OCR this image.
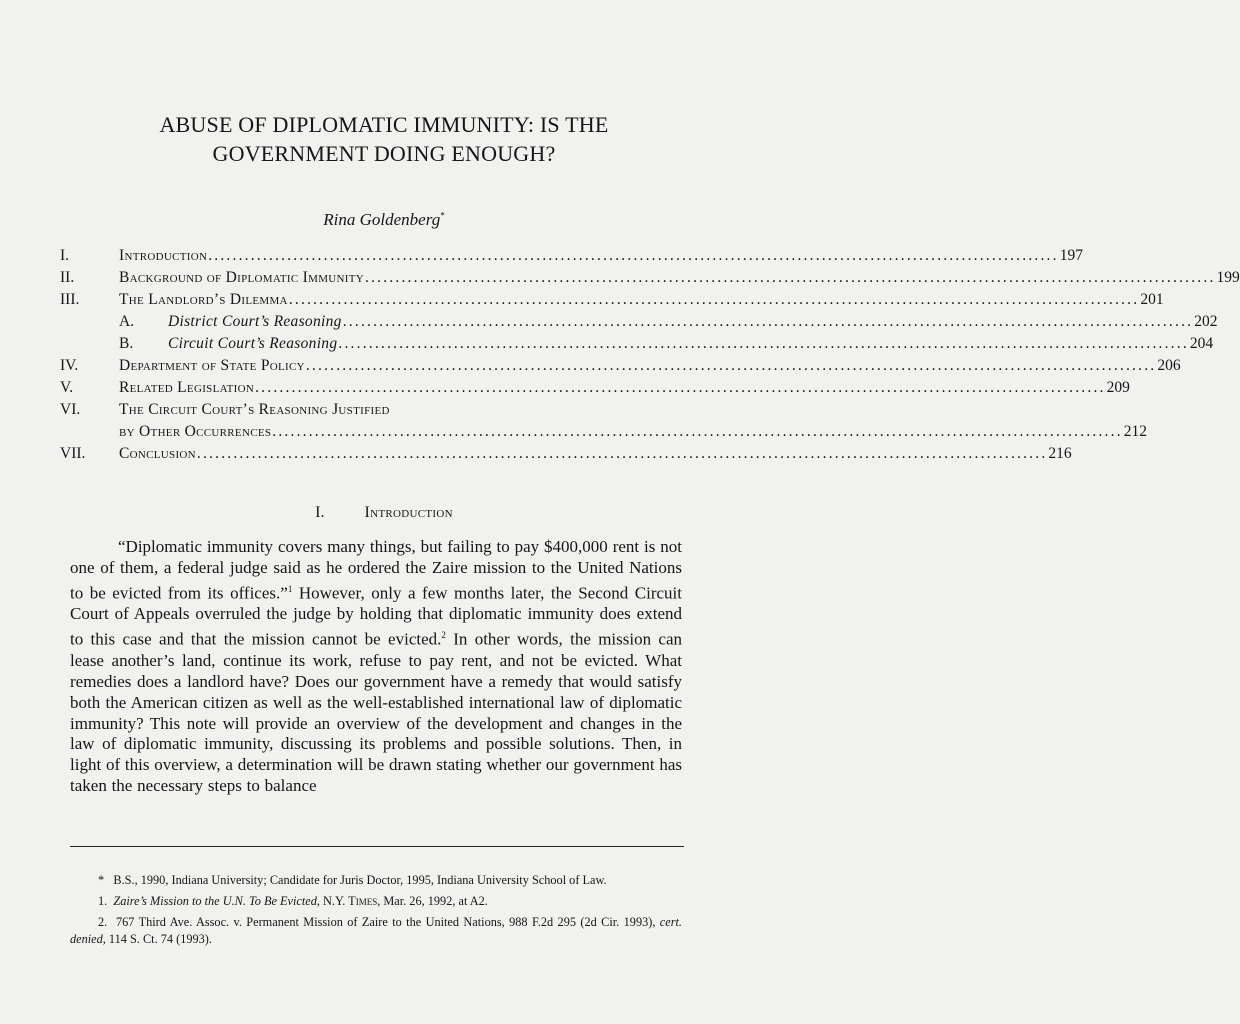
ABUSE OF DIPLOMATIC IMMUNITY: IS THE
GOVERNMENT DOING ENOUGH?
Rina Goldenberg*
I.	Introduction ............................................................................................................................................ 197
II.	Background of Diplomatic Immunity ............................................................................................................................................ 199
III.	The Landlord’s Dilemma ............................................................................................................................................ 201
A. District Court’s Reasoning ............................................................................................................................................ 202
B. Circuit Court’s Reasoning ............................................................................................................................................ 204
IV.	Department of State Policy ............................................................................................................................................ 206
V.	Related Legislation ............................................................................................................................................ 209
VI.	The Circuit Court’s Reasoning Justified
by Other Occurrences ............................................................................................................................................ 212
VII. Conclusion ............................................................................................................................................ 216
I.	Introduction
“Diplomatic immunity covers many things, but failing to pay $400,000 rent is not one of them, a federal judge said as he ordered the Zaire mission to the United Nations to be evicted from its offices.”$^1$ However, only a few months later, the Second Circuit Court of Appeals overruled the judge by holding that diplomatic immunity does extend to this case and that the mission cannot be evicted.$^2$ In other words, the mission can lease another’s land, continue its work, refuse to pay rent, and not be evicted. What remedies does a landlord have? Does our government have a remedy that would satisfy both the American citizen as well as the well-established international law of diplomatic immunity? This note will provide an overview of the development and changes in the law of diplomatic immunity, discussing its problems and possible solutions. Then, in light of this overview, a determination will be drawn stating whether our government has taken the necessary steps to balance

* B.S., 1990, Indiana University; Candidate for Juris Doctor, 1995, Indiana University School of Law.

1. Zaire’s Mission to the U.N. To Be Evicted, N.Y. Times, Mar. 26, 1992, at A2.

2. 767 Third Ave. Assoc. v. Permanent Mission of Zaire to the United Nations, 988 F.2d 295 (2d Cir. 1993), cert. denied, 114 S. Ct. 74 (1993).
